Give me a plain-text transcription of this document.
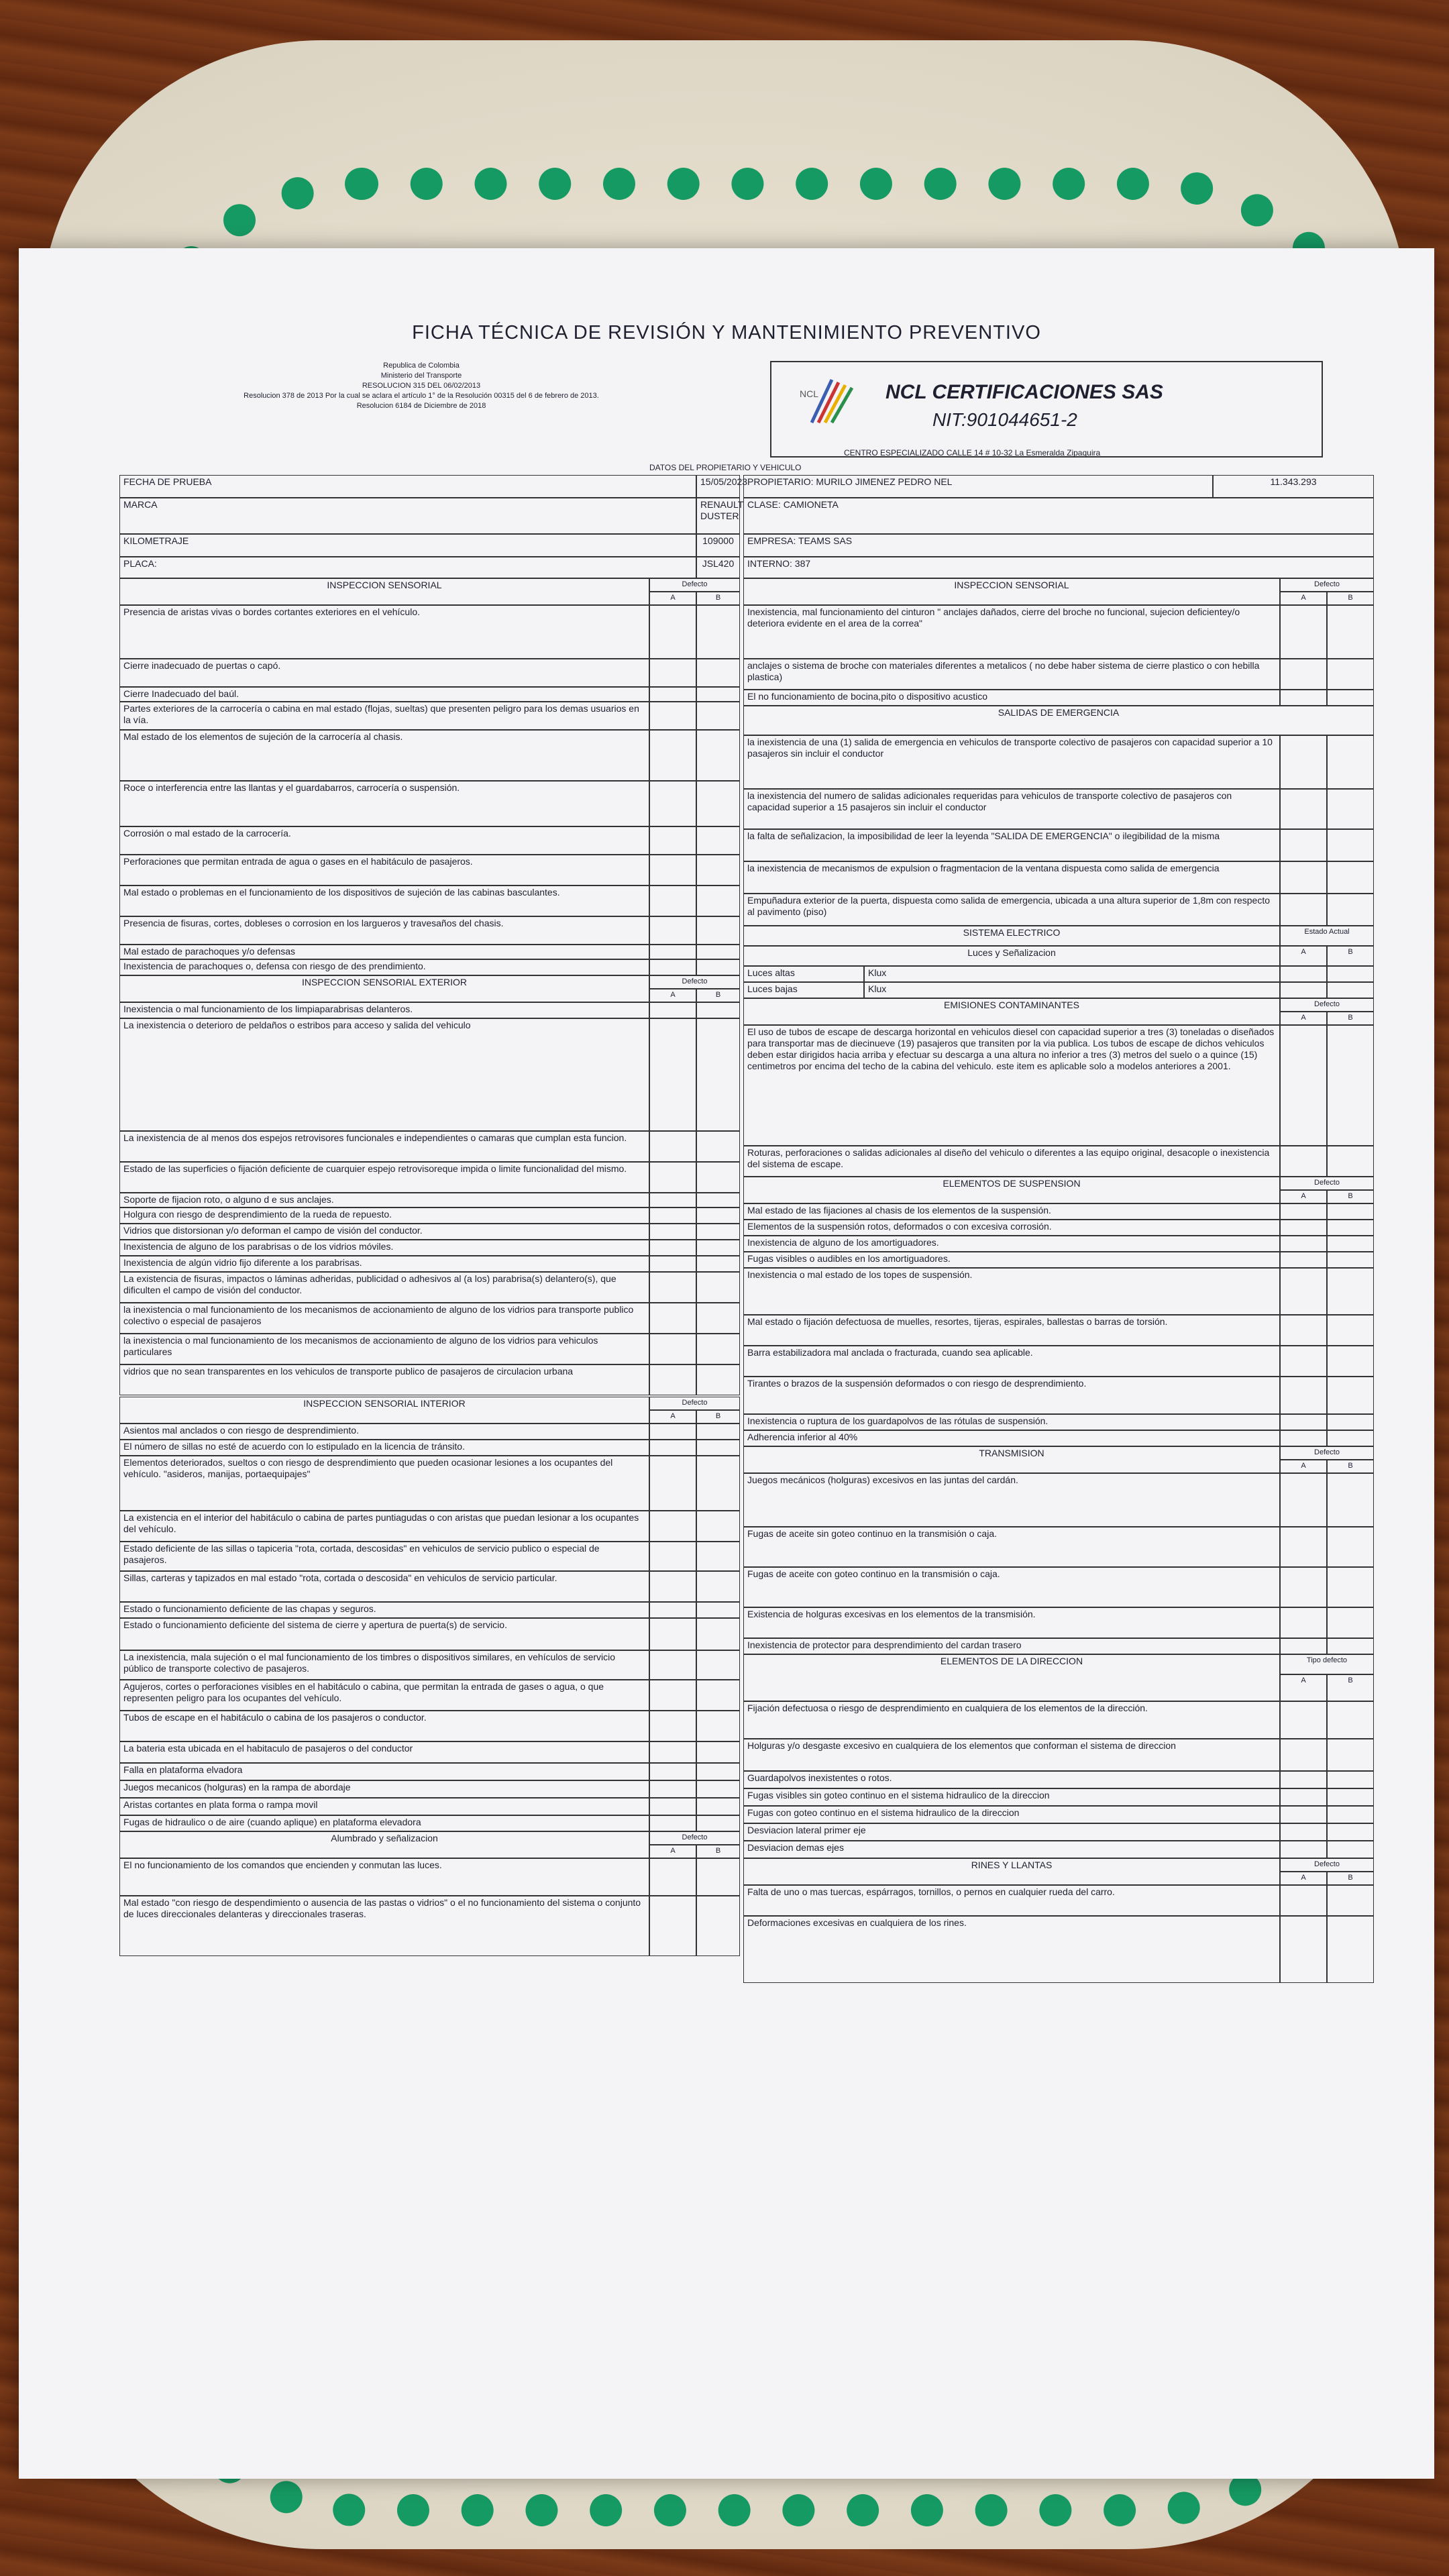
FICHA TÉCNICA DE REVISIÓN Y MANTENIMIENTO PREVENTIVO
Republica de Colombia
Ministerio del Transporte
RESOLUCION 315 DEL 06/02/2013
Resolucion 378 de 2013 Por la cual se aclara el artículo 1° de la Resolución 00315 del 6 de febrero de 2013.
Resolucion 6184 de Diciembre de 2018
NCL	NCL CERTIFICACIONES SAS
NIT:901044651-2
CENTRO ESPECIALIZADO CALLE 14 # 10-32 La Esmeralda Zipaquira
DATOS DEL PROPIETARIO Y VEHICULO
FECHA DE PRUEBA	15/05/2023
MARCA	RENAULT DUSTER
KILOMETRAJE	109000
PLACA:	JSL420
PROPIETARIO: MURILO JIMENEZ PEDRO NEL	11.343.293
CLASE: CAMIONETA
EMPRESA: TEAMS SAS
INTERNO: 387
INSPECCION SENSORIAL	Defecto
A	B
Presencia de aristas vivas o bordes cortantes exteriores en el vehículo.
Cierre inadecuado de puertas o capó.
Cierre Inadecuado del baúl.
Partes exteriores de la carrocería o cabina en mal estado (flojas, sueltas) que presenten peligro para los demas usuarios en la vía.
Mal estado de los elementos de sujeción de la carrocería al chasis.
Roce o interferencia entre las llantas y el guardabarros, carrocería o suspensión.
Corrosión o mal estado de la carrocería.
Perforaciones que permitan entrada de agua o gases en el habitáculo de pasajeros.
Mal estado o problemas en el funcionamiento de los dispositivos de sujeción de las cabinas basculantes.
Presencia de fisuras, cortes, dobleses o corrosion en los largueros y travesaños del chasis.
Mal estado de parachoques y/o defensas
Inexistencia de parachoques o, defensa con riesgo de des prendimiento.
INSPECCION SENSORIAL EXTERIOR	Defecto
A	B
Inexistencia o mal funcionamiento de los limpiaparabrisas delanteros.
La inexistencia o deterioro de peldaños o estribos para acceso y salida del vehiculo
La inexistencia de al menos dos espejos retrovisores funcionales e independientes o camaras que cumplan esta funcion.
Estado de las superficies o fijación deficiente de cuarquier espejo retrovisoreque impida o limite funcionalidad del mismo.
Soporte de fijacion roto, o alguno d e sus anclajes.
Holgura con riesgo de desprendimiento de la rueda de repuesto.
Vidrios que distorsionan y/o deforman el campo de visión del conductor.
Inexistencia de alguno de los parabrisas o de los vidrios móviles.
Inexistencia de algún vidrio fijo diferente a los parabrisas.
La existencia de fisuras, impactos o láminas adheridas, publicidad o adhesivos al (a los) parabrisa(s) delantero(s), que dificulten el campo de visión del conductor.
la inexistencia o mal funcionamiento de los mecanismos de accionamiento de alguno de los vidrios para transporte publico colectivo o especial de pasajeros
la inexistencia o mal funcionamiento de los mecanismos de accionamiento de alguno de los vidrios para vehiculos particulares
vidrios que no sean transparentes en los vehiculos de transporte publico de pasajeros de circulacion urbana
INSPECCION SENSORIAL INTERIOR	Defecto
A	B
Asientos mal anclados o con riesgo de desprendimiento.
El número de sillas no esté de acuerdo con lo estipulado en la licencia de tránsito.
Elementos deteriorados, sueltos o con riesgo de desprendimiento que pueden ocasionar lesiones a los ocupantes del vehículo. "asideros, manijas, portaequipajes"
La existencia en el interior del habitáculo o cabina de partes puntiagudas o con aristas que puedan lesionar a los ocupantes del vehículo.
Estado deficiente de las sillas o tapiceria "rota, cortada, descosidas" en vehiculos de servicio publico o especial de pasajeros.
Sillas, carteras y tapizados en mal estado "rota, cortada o descosida" en vehiculos de servicio particular.
Estado o funcionamiento deficiente de las chapas y seguros.
Estado o funcionamiento deficiente del sistema de cierre y apertura de puerta(s) de servicio.
La inexistencia, mala sujeción o el mal funcionamiento de los timbres o dispositivos similares, en vehículos de servicio público de transporte colectivo de pasajeros.
Agujeros, cortes o perforaciones visibles en el habitáculo o cabina, que permitan la entrada de gases o agua, o que representen peligro para los ocupantes del vehículo.
Tubos de escape en el habitáculo o cabina de los pasajeros o conductor.
La bateria esta ubicada en el habitaculo de pasajeros o del conductor
Falla en plataforma elvadora
Juegos mecanicos (holguras) en la rampa de abordaje
Aristas cortantes en plata forma o rampa movil
Fugas de hidraulico o de aire (cuando aplique) en plataforma elevadora
Alumbrado y señalizacion	Defecto
A	B
El no funcionamiento de los comandos que encienden y conmutan las luces.
Mal estado "con riesgo de despendimiento o ausencia de las pastas o vidrios" o el no funcionamiento del sistema o conjunto de luces direccionales delanteras y direccionales traseras.
INSPECCION SENSORIAL	Defecto
A	B
Inexistencia, mal funcionamiento del cinturon " anclajes dañados, cierre del broche no funcional, sujecion deficientey/o deteriora evidente en el area de la correa"
anclajes o sistema de broche con materiales diferentes a metalicos ( no debe haber sistema de cierre plastico o con hebilla plastica)
El no funcionamiento de bocina,pito o dispositivo acustico
SALIDAS DE EMERGENCIA
la inexistencia de una (1) salida de emergencia en vehiculos de transporte colectivo de pasajeros con capacidad superior a 10 pasajeros sin incluir el conductor
la inexistencia del numero de salidas adicionales requeridas para vehiculos de transporte colectivo de pasajeros con capacidad superior a 15 pasajeros sin incluir el conductor
la falta de señalizacion, la imposibilidad de leer la leyenda "SALIDA DE EMERGENCIA" o ilegibilidad de la misma
la inexistencia de mecanismos de expulsion o fragmentacion de la ventana dispuesta como salida de emergencia
Empuñadura exterior de la puerta, dispuesta como salida de emergencia, ubicada a una altura superior de 1,8m con respecto al pavimento (piso)
SISTEMA ELECTRICO	Estado Actual
Luces y Señalizacion	A	B
Luces altas	Klux
Luces bajas	Klux
EMISIONES CONTAMINANTES	Defecto
A	B
El uso de tubos de escape de descarga horizontal en vehiculos diesel con capacidad superior a tres (3) toneladas o diseñados para transportar mas de diecinueve (19) pasajeros que transiten por la via publica. Los tubos de escape de dichos vehiculos deben estar dirigidos hacia arriba y efectuar su descarga a una altura no inferior a tres (3) metros del suelo o a quince (15) centimetros por encima del techo de la cabina del vehiculo. este item es aplicable solo a modelos anteriores a 2001.
Roturas, perforaciones o salidas adicionales al diseño del vehiculo o diferentes a las equipo original, desacople o inexistencia del sistema de escape.
ELEMENTOS DE SUSPENSION	Defecto
A	B
Mal estado de las fijaciones al chasis de los elementos de la suspensión.
Elementos de la suspensión rotos, deformados o con excesiva corrosión.
Inexistencia de alguno de los amortiguadores.
Fugas visibles o audibles en los amortiguadores.
Inexistencia o mal estado de los topes de suspensión.
Mal estado o fijación defectuosa de muelles, resortes, tijeras, espirales, ballestas o barras de torsión.
Barra estabilizadora mal anclada o fracturada, cuando sea aplicable.
Tirantes o brazos de la suspensión deformados o con riesgo de desprendimiento.
Inexistencia o ruptura de los guardapolvos de las rótulas de suspensión.
Adherencia inferior al 40%
TRANSMISION	Defecto
A	B
Juegos mecánicos (holguras) excesivos en las juntas del cardán.
Fugas de aceite sin goteo continuo en la transmisión o caja.
Fugas de aceite con goteo continuo en la transmisión o caja.
Existencia de holguras excesivas en los elementos de la transmisión.
Inexistencia de protector para desprendimiento del cardan trasero
ELEMENTOS DE LA DIRECCION	Tipo defecto
A	B
Fijación defectuosa o riesgo de desprendimiento en cualquiera de los elementos de la dirección.
Holguras y/o desgaste excesivo en cualquiera de los elementos que conforman el sistema de direccion
Guardapolvos inexistentes o rotos.
Fugas visibles sin goteo continuo en el sistema hidraulico de la direccion
Fugas con goteo continuo en el sistema hidraulico de la direccion
Desviacion lateral primer eje
Desviacion demas ejes
RINES Y LLANTAS	Defecto
A	B
Falta de uno o mas tuercas, espárragos, tornillos, o pernos en cualquier rueda del carro.
Deformaciones excesivas en cualquiera de los rines.
